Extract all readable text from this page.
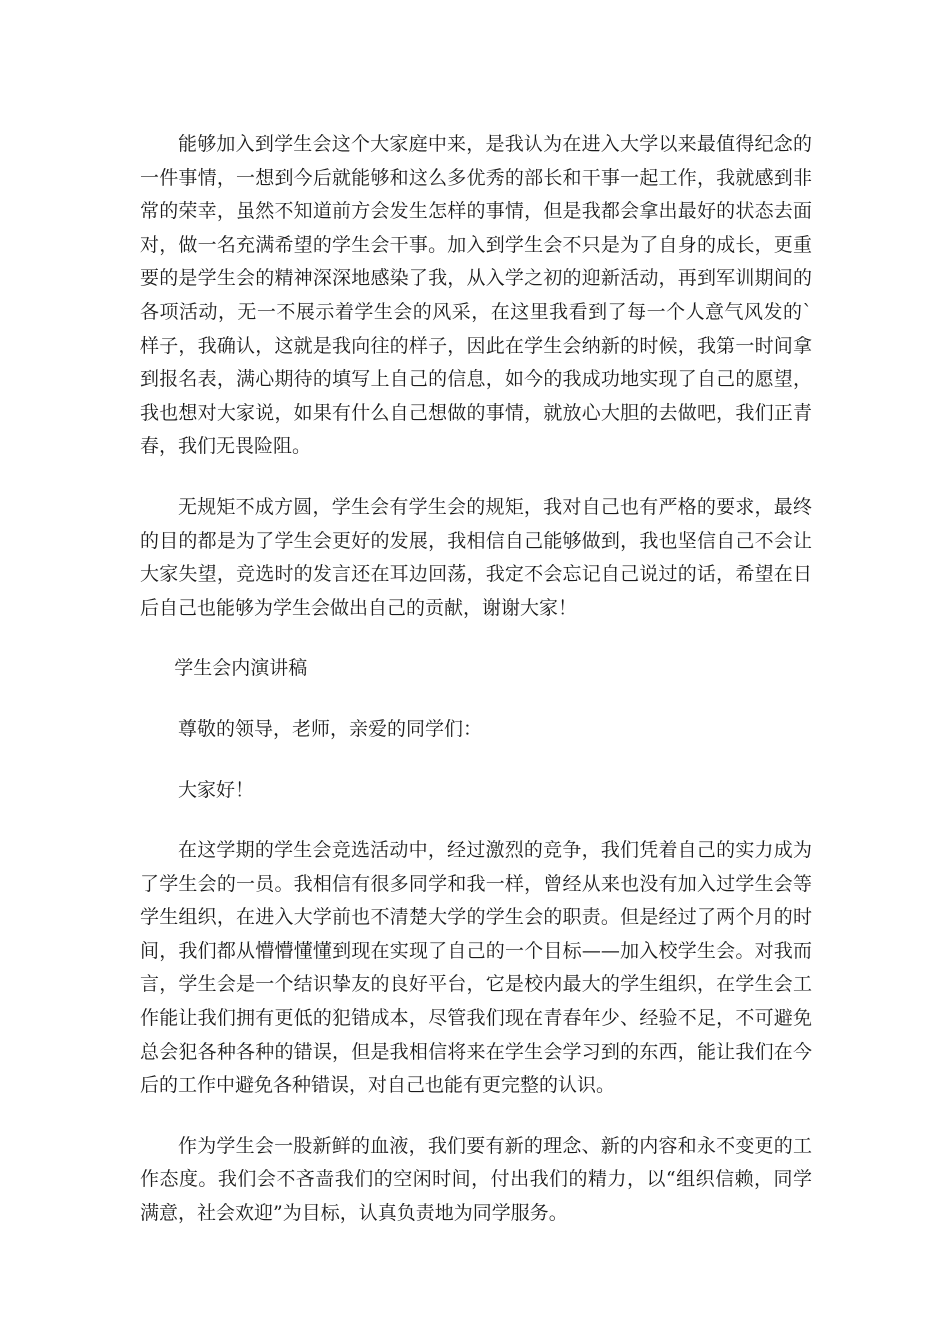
能够加入到学生会这个大家庭中来，是我认为在进入大学以来最值得纪念的一件事情，一想到今后就能够和这么多优秀的部长和干事一起工作，我就感到非常的荣幸，虽然不知道前方会发生怎样的事情，但是我都会拿出最好的状态去面对，做一名充满希望的学生会干事。加入到学生会不只是为了自身的成长，更重要的是学生会的精神深深地感染了我，从入学之初的迎新活动，再到军训期间的各项活动，无一不展示着学生会的风采，在这里我看到了每一个人意气风发的`样子，我确认，这就是我向往的样子，因此在学生会纳新的时候，我第一时间拿到报名表，满心期待的填写上自己的信息，如今的我成功地实现了自己的愿望，我也想对大家说，如果有什么自己想做的事情，就放心大胆的去做吧，我们正青春，我们无畏险阻。

无规矩不成方圆，学生会有学生会的规矩，我对自己也有严格的要求，最终的目的都是为了学生会更好的发展，我相信自己能够做到，我也坚信自己不会让大家失望，竞选时的发言还在耳边回荡，我定不会忘记自己说过的话，希望在日后自己也能够为学生会做出自己的贡献，谢谢大家！

学生会内演讲稿

尊敬的领导，老师，亲爱的同学们：

大家好！

在这学期的学生会竞选活动中，经过激烈的竞争，我们凭着自己的实力成为了学生会的一员。我相信有很多同学和我一样，曾经从来也没有加入过学生会等学生组织，在进入大学前也不清楚大学的学生会的职责。但是经过了两个月的时间，我们都从懵懵懂懂到现在实现了自己的一个目标——加入校学生会。对我而言，学生会是一个结识挚友的良好平台，它是校内最大的学生组织，在学生会工作能让我们拥有更低的犯错成本，尽管我们现在青春年少、经验不足，不可避免总会犯各种各种的错误，但是我相信将来在学生会学习到的东西，能让我们在今后的工作中避免各种错误，对自己也能有更完整的认识。

作为学生会一股新鲜的血液，我们要有新的理念、新的内容和永不变更的工作态度。我们会不吝啬我们的空闲时间，付出我们的精力，以“组织信赖，同学满意，社会欢迎”为目标，认真负责地为同学服务。
